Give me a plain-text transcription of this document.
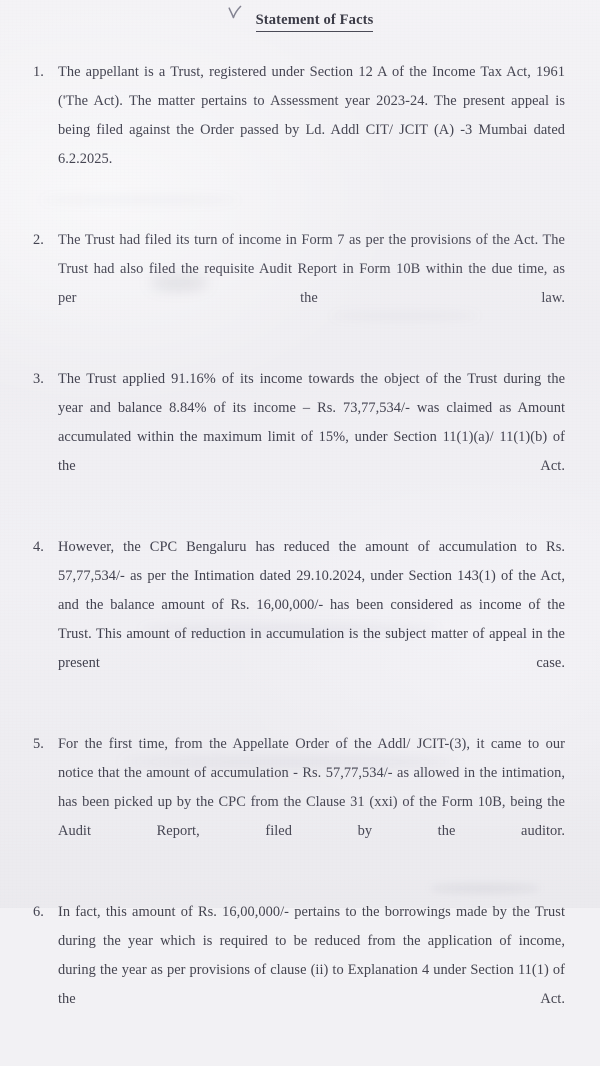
Statement of Facts
1. The appellant is a Trust, registered under Section 12 A of the Income Tax Act, 1961 ('The Act). The matter pertains to Assessment year 2023-24. The present appeal is being filed against the Order passed by Ld. Addl CIT/ JCIT (A) -3 Mumbai dated 6.2.2025.
2. The Trust had filed its turn of income in Form 7 as per the provisions of the Act. The Trust had also filed the requisite Audit Report in Form 10B within the due time, as per the law.
3. The Trust applied 91.16% of its income towards the object of the Trust during the year and balance 8.84% of its income – Rs. 73,77,534/- was claimed as Amount accumulated within the maximum limit of 15%, under Section 11(1)(a)/ 11(1)(b) of the Act.
4. However, the CPC Bengaluru has reduced the amount of accumulation to Rs. 57,77,534/- as per the Intimation dated 29.10.2024, under Section 143(1) of the Act, and the balance amount of Rs. 16,00,000/- has been considered as income of the Trust. This amount of reduction in accumulation is the subject matter of appeal in the present case.
5. For the first time, from the Appellate Order of the Addl/ JCIT-(3), it came to our notice that the amount of accumulation - Rs. 57,77,534/- as allowed in the intimation, has been picked up by the CPC from the Clause 31 (xxi) of the Form 10B, being the Audit Report, filed by the auditor.
6. In fact, this amount of Rs. 16,00,000/- pertains to the borrowings made by the Trust during the year which is required to be reduced from the application of income, during the year as per provisions of clause (ii) to Explanation 4 under Section 11(1) of the Act.
